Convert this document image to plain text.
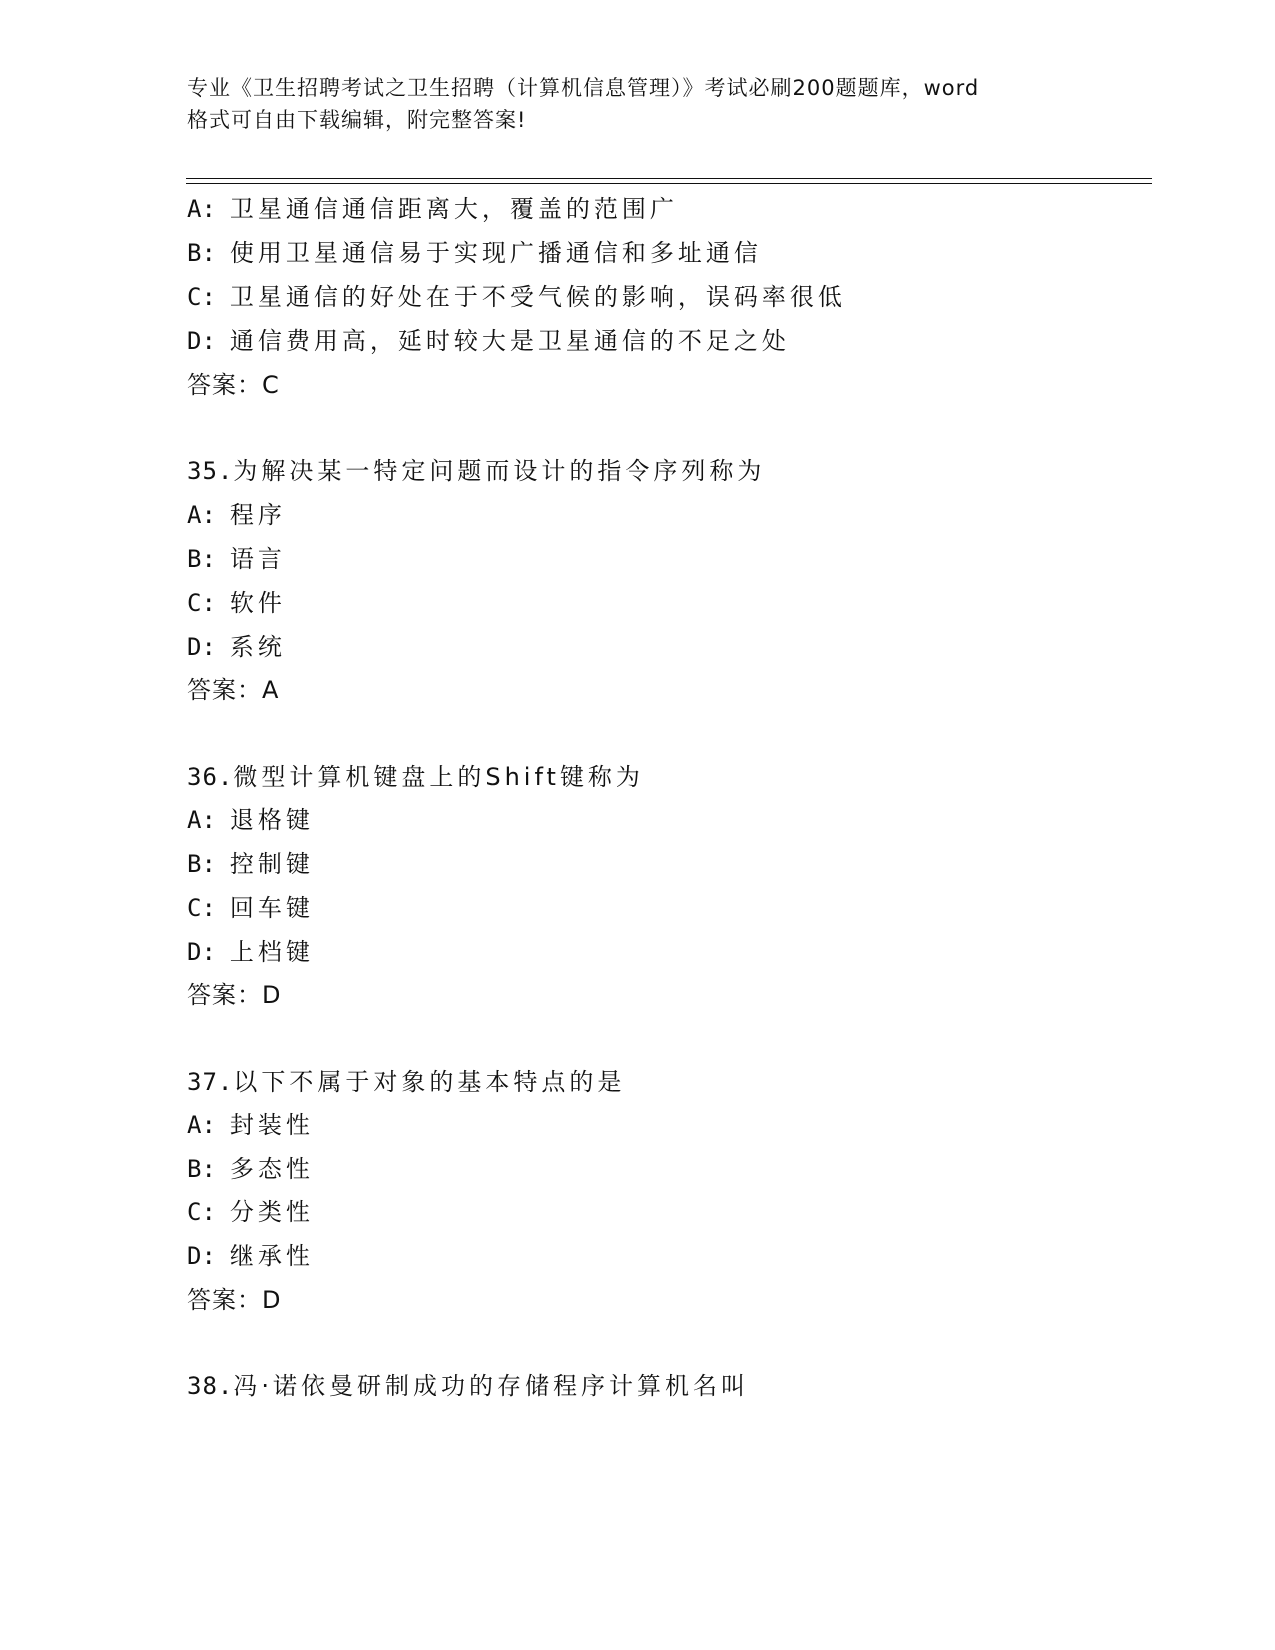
专业《卫生招聘考试之卫生招聘（计算机信息管理）》考试必刷200题题库，word
格式可自由下载编辑，附完整答案!
A: 卫星通信通信距离大，覆盖的范围广
B: 使用卫星通信易于实现广播通信和多址通信
C: 卫星通信的好处在于不受气候的影响，误码率很低
D: 通信费用高，延时较大是卫星通信的不足之处
答案：C
35.为解决某一特定问题而设计的指令序列称为
A: 程序
B: 语言
C: 软件
D: 系统
答案：A
36.微型计算机键盘上的Shift键称为
A: 退格键
B: 控制键
C: 回车键
D: 上档键
答案：D
37.以下不属于对象的基本特点的是
A: 封装性
B: 多态性
C: 分类性
D: 继承性
答案：D
38.冯·诺依曼研制成功的存储程序计算机名叫
